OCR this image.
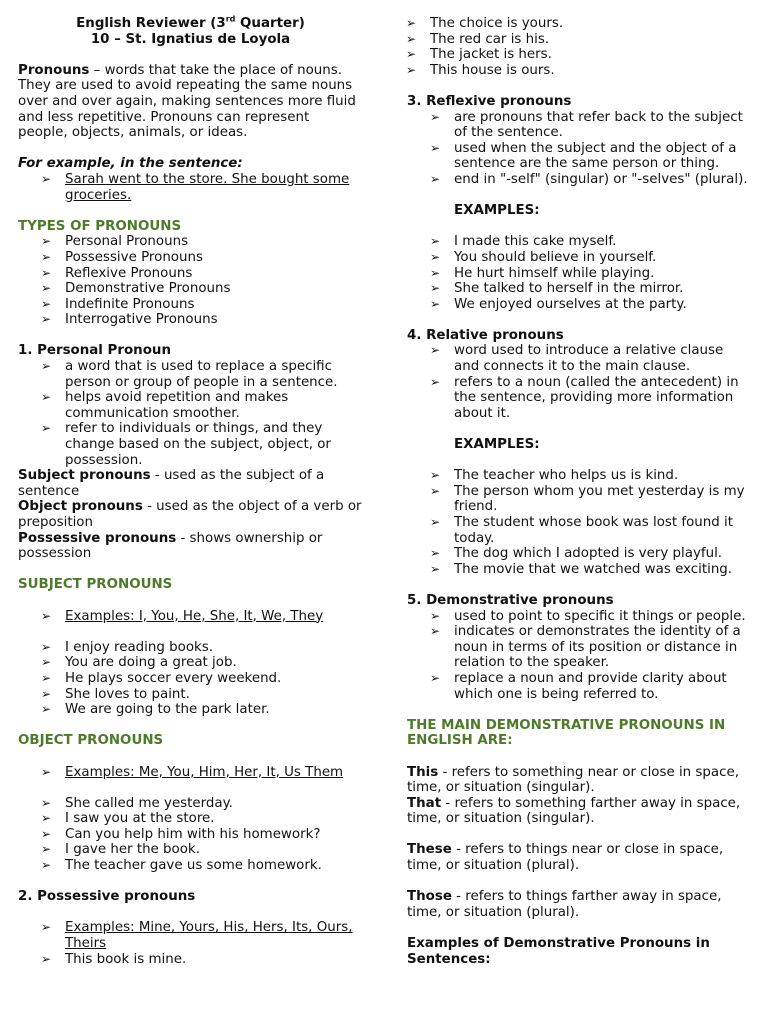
English Reviewer (3rd Quarter)
10 – St. Ignatius de Loyola

Pronouns – words that take the place of nouns. They are used to avoid repeating the same nouns over and over again, making sentences more fluid and less repetitive. Pronouns can represent people, objects, animals, or ideas.

For example, in the sentence:

➢ Sarah went to the store. She bought some groceries.

TYPES OF PRONOUNS

➢ Personal Pronouns
➢ Possessive Pronouns
➢ Reflexive Pronouns
➢ Demonstrative Pronouns
➢ Indefinite Pronouns
➢ Interrogative Pronouns

1. Personal Pronoun

➢ a word that is used to replace a specific person or group of people in a sentence.
➢ helps avoid repetition and makes communication smoother.
➢ refer to individuals or things, and they change based on the subject, object, or possession.

Subject pronouns - used as the subject of a sentence

Object pronouns - used as the object of a verb or preposition

Possessive pronouns - shows ownership or possession

SUBJECT PRONOUNS

➢ Examples: I, You, He, She, It, We, They
➢ I enjoy reading books.
➢ You are doing a great job.
➢ He plays soccer every weekend.
➢ She loves to paint.
➢ We are going to the park later.

OBJECT PRONOUNS

➢ Examples: Me, You, Him, Her, It, Us Them
➢ She called me yesterday.
➢ I saw you at the store.
➢ Can you help him with his homework?
➢ I gave her the book.
➢ The teacher gave us some homework.

2. Possessive pronouns

➢ Examples: Mine, Yours, His, Hers, Its, Ours, Theirs
➢ This book is mine.
➢ The choice is yours.
➢ The red car is his.
➢ The jacket is hers.
➢ This house is ours.

3. Reflexive pronouns

➢ are pronouns that refer back to the subject of the sentence.
➢ used when the subject and the object of a sentence are the same person or thing.
➢ end in "-self" (singular) or "-selves" (plural).

EXAMPLES:

➢ I made this cake myself.
➢ You should believe in yourself.
➢ He hurt himself while playing.
➢ She talked to herself in the mirror.
➢ We enjoyed ourselves at the party.

4. Relative pronouns

➢ word used to introduce a relative clause and connects it to the main clause.
➢ refers to a noun (called the antecedent) in the sentence, providing more information about it.

EXAMPLES:

➢ The teacher who helps us is kind.
➢ The person whom you met yesterday is my friend.
➢ The student whose book was lost found it today.
➢ The dog which I adopted is very playful.
➢ The movie that we watched was exciting.

5. Demonstrative pronouns

➢ used to point to specific it things or people.
➢ indicates or demonstrates the identity of a noun in terms of its position or distance in relation to the speaker.
➢ replace a noun and provide clarity about which one is being referred to.

THE MAIN DEMONSTRATIVE PRONOUNS IN ENGLISH ARE:

This - refers to something near or close in space, time, or situation (singular).

That - refers to something farther away in space, time, or situation (singular).

These - refers to things near or close in space, time, or situation (plural).

Those - refers to things farther away in space, time, or situation (plural).

Examples of Demonstrative Pronouns in Sentences:
